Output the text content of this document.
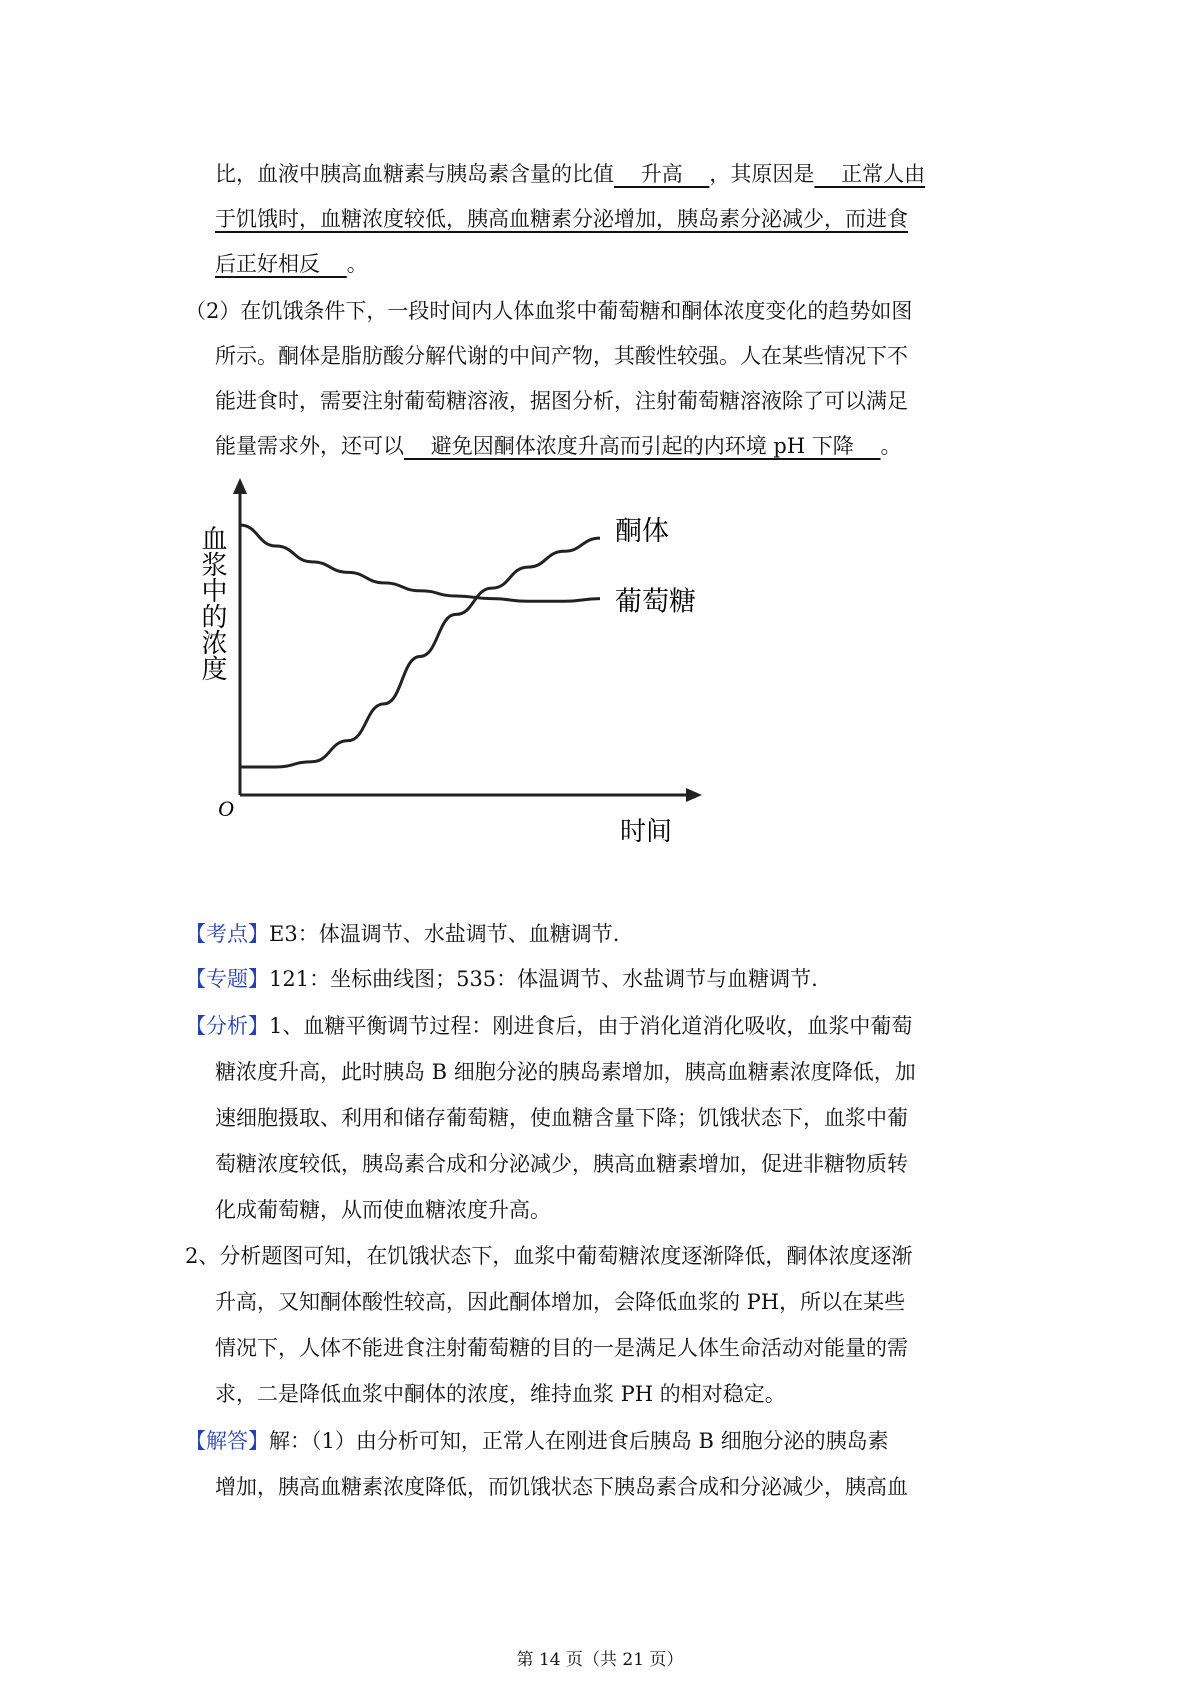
比，血液中胰高血糖素与胰岛素含量的比值    升高    ，其原因是    正常人由
于饥饿时，血糖浓度较低，胰高血糖素分泌增加，胰岛素分泌减少，而进食
后正好相反    。
（2）在饥饿条件下，一段时间内人体血浆中葡萄糖和酮体浓度变化的趋势如图
所示。酮体是脂肪酸分解代谢的中间产物，其酸性较强。人在某些情况下不
能进食时，需要注射葡萄糖溶液，据图分析，注射葡萄糖溶液除了可以满足
能量需求外，还可以    避免因酮体浓度升高而引起的内环境 pH 下降    。
O
时间
血浆中的浓度	酮体
葡萄糖
【考点】E3：体温调节、水盐调节、血糖调节.
【专题】121：坐标曲线图；535：体温调节、水盐调节与血糖调节.
【分析】1、血糖平衡调节过程：刚进食后，由于消化道消化吸收，血浆中葡萄
糖浓度升高，此时胰岛 B 细胞分泌的胰岛素增加，胰高血糖素浓度降低，加
速细胞摄取、利用和储存葡萄糖，使血糖含量下降；饥饿状态下，血浆中葡
萄糖浓度较低，胰岛素合成和分泌减少，胰高血糖素增加，促进非糖物质转
化成葡萄糖，从而使血糖浓度升高。
2、分析题图可知，在饥饿状态下，血浆中葡萄糖浓度逐渐降低，酮体浓度逐渐
升高，又知酮体酸性较高，因此酮体增加，会降低血浆的 PH，所以在某些
情况下，人体不能进食注射葡萄糖的目的一是满足人体生命活动对能量的需
求，二是降低血浆中酮体的浓度，维持血浆 PH 的相对稳定。
【解答】解：（1）由分析可知，正常人在刚进食后胰岛 B 细胞分泌的胰岛素
增加，胰高血糖素浓度降低，而饥饿状态下胰岛素合成和分泌减少，胰高血
第 14 页（共 21 页）
